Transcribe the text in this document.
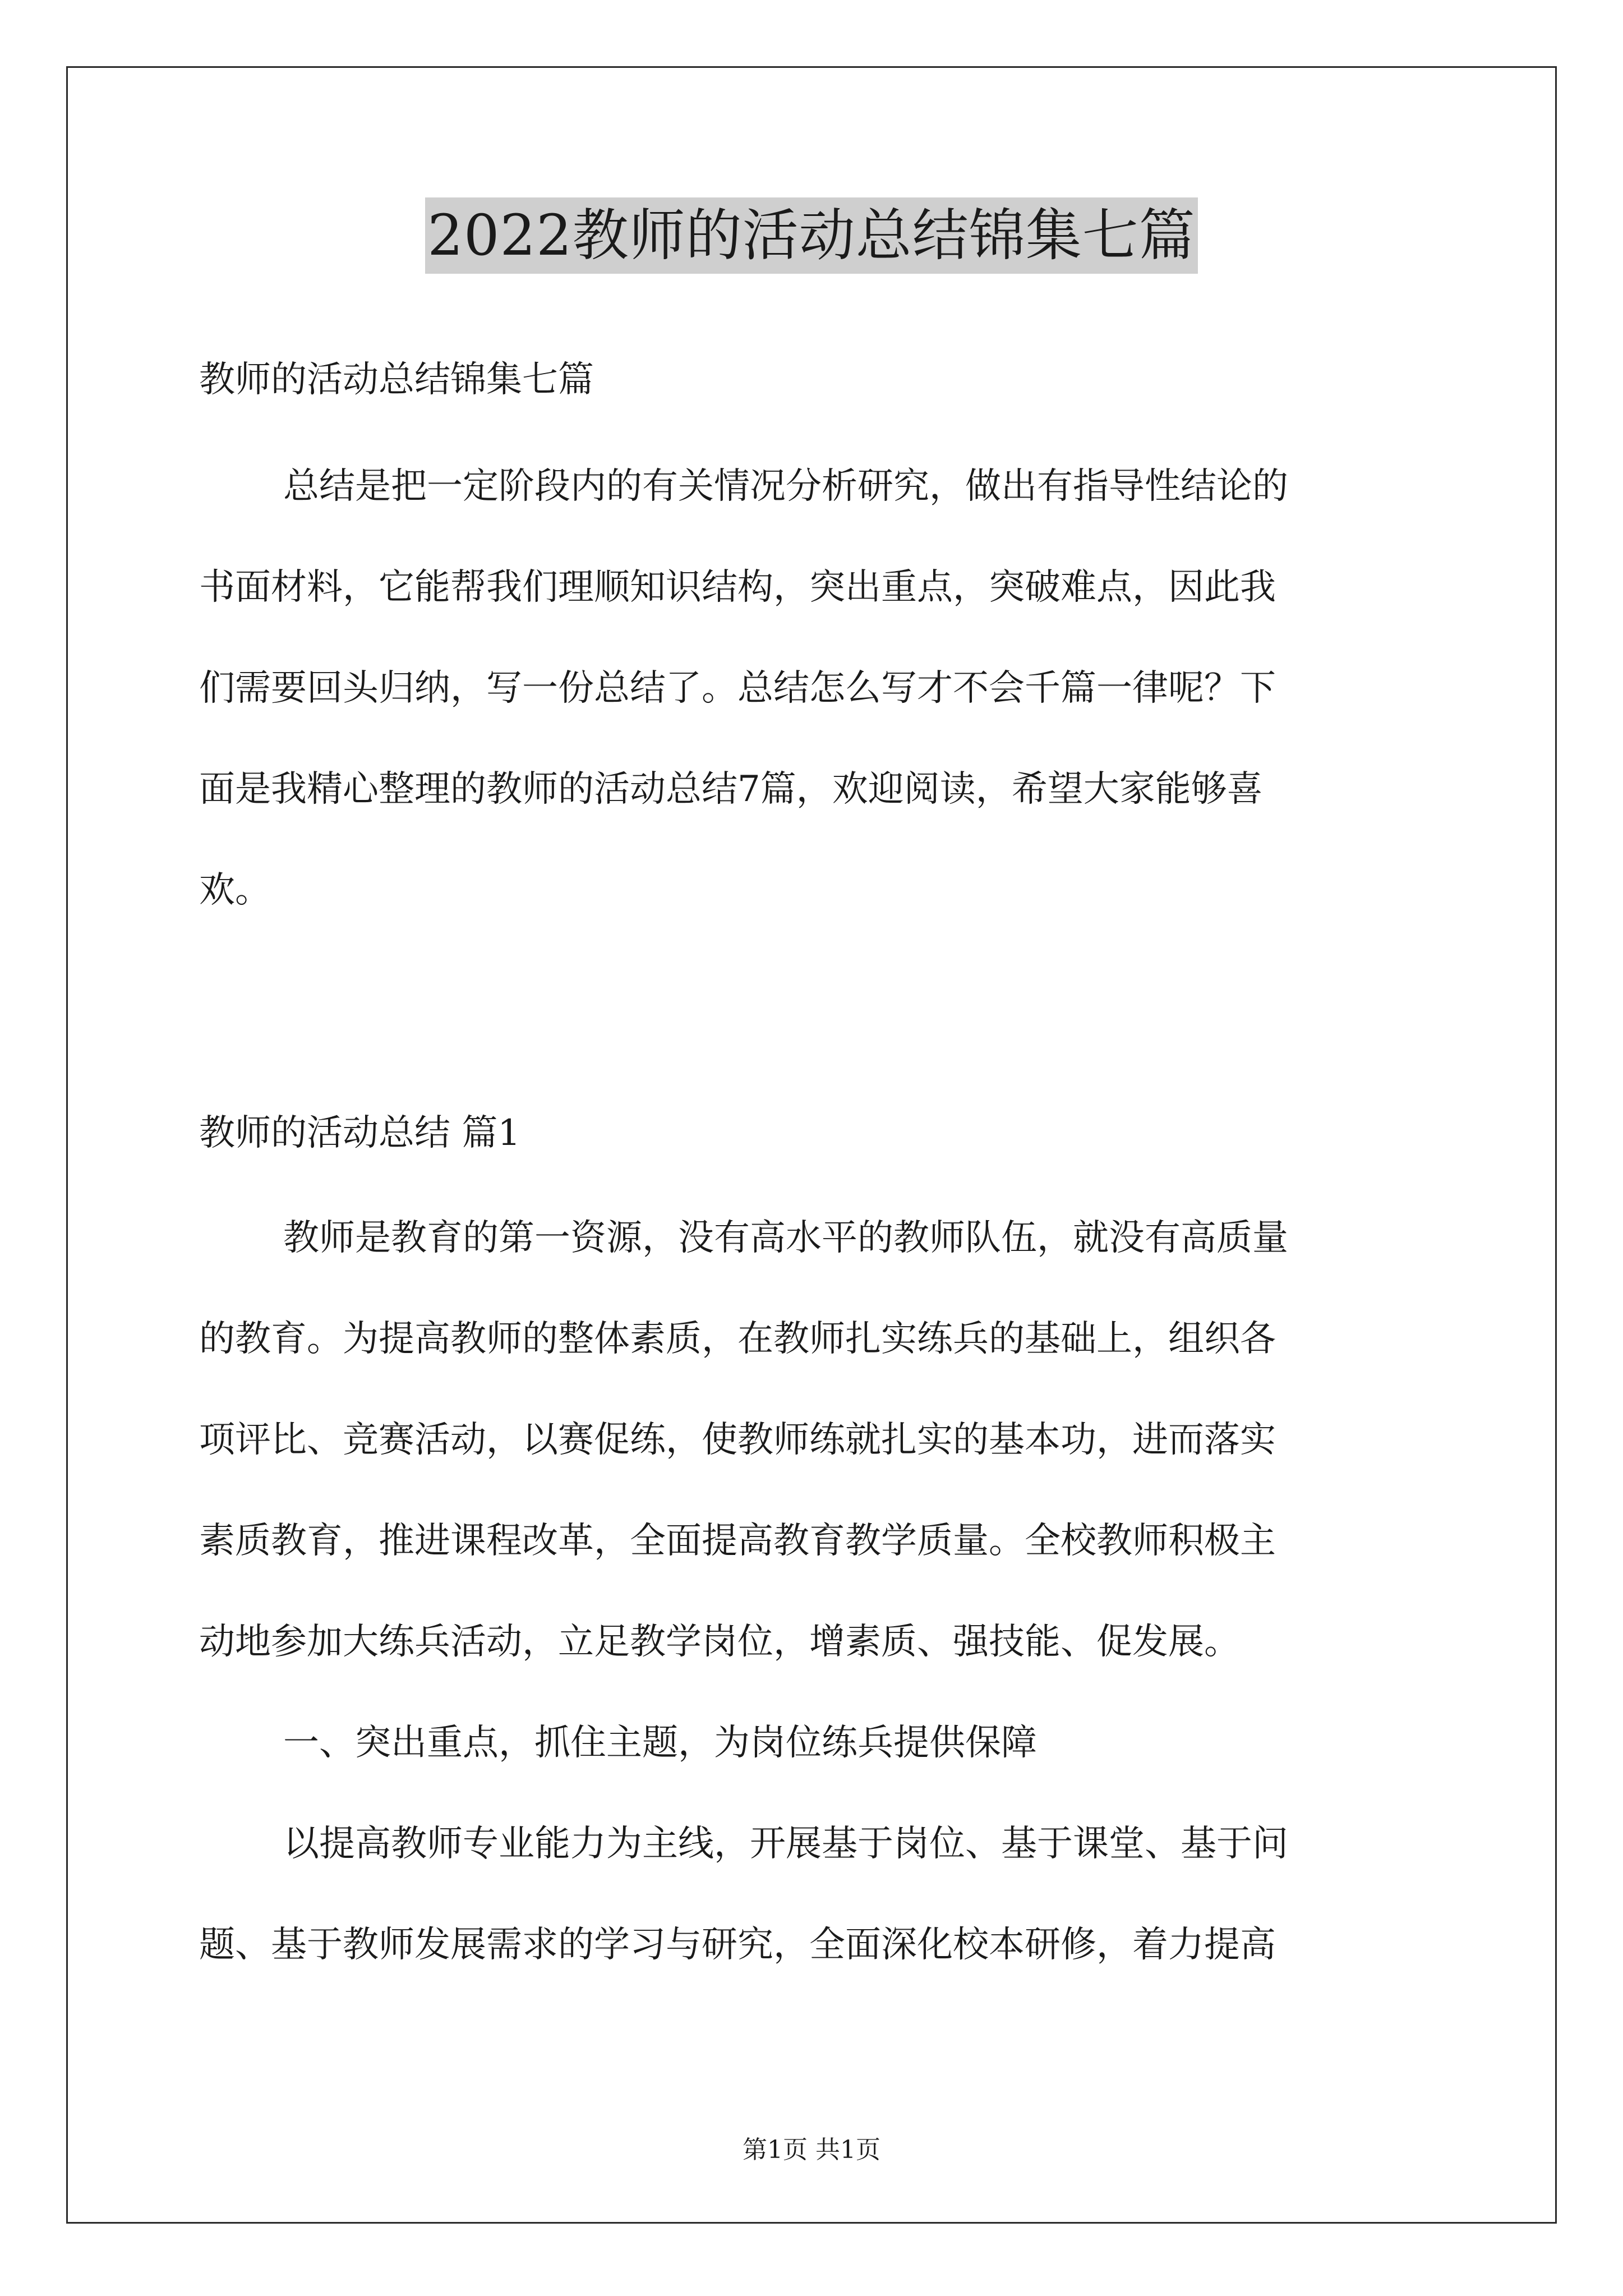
2022教师的活动总结锦集七篇

教师的活动总结锦集七篇

总结是把一定阶段内的有关情况分析研究，做出有指导性结论的

书面材料，它能帮我们理顺知识结构，突出重点，突破难点，因此我

们需要回头归纳，写一份总结了。总结怎么写才不会千篇一律呢？下

面是我精心整理的教师的活动总结7篇，欢迎阅读，希望大家能够喜

欢。

教师的活动总结 篇1

教师是教育的第一资源，没有高水平的教师队伍，就没有高质量

的教育。为提高教师的整体素质，在教师扎实练兵的基础上，组织各

项评比、竞赛活动，以赛促练，使教师练就扎实的基本功，进而落实

素质教育，推进课程改革，全面提高教育教学质量。全校教师积极主

动地参加大练兵活动，立足教学岗位，增素质、强技能、促发展。

一、突出重点，抓住主题，为岗位练兵提供保障

以提高教师专业能力为主线，开展基于岗位、基于课堂、基于问

题、基于教师发展需求的学习与研究，全面深化校本研修，着力提高

第1页 共1页
